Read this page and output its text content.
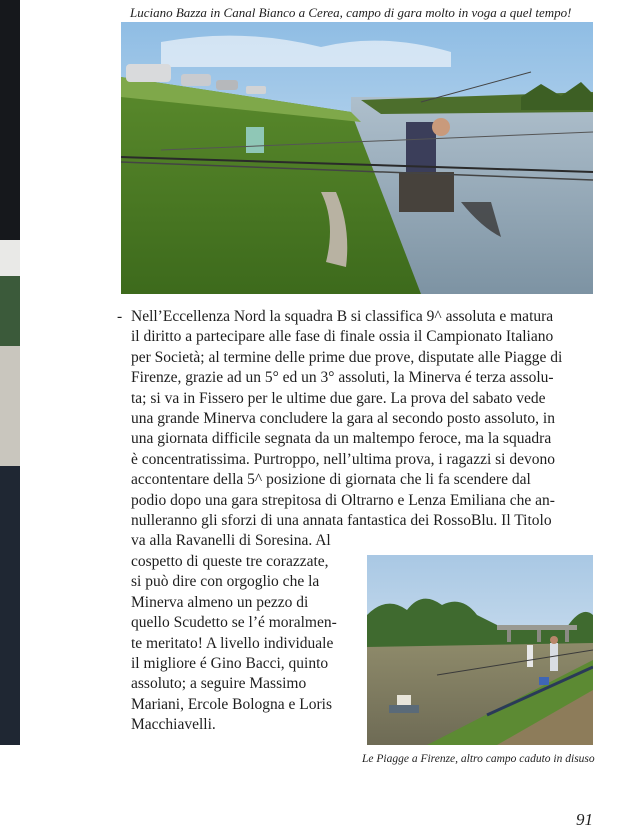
Luciano Bazza in Canal Bianco a Cerea, campo di gara molto in voga a quel tempo!
- Nell’Eccellenza Nord la squadra B si classifica 9^ assoluta e matura
il diritto a partecipare alle fase di finale ossia il Campionato Italiano
per Società; al termine delle prime due prove, disputate alle Piagge di
Firenze, grazie ad un 5° ed un 3° assoluti, la Minerva é terza assolu-
ta; si va in Fissero per le ultime due gare. La prova del sabato vede
una grande Minerva concludere la gara al secondo posto assoluto, in
una giornata difficile segnata da un maltempo feroce, ma la squadra
è concentratissima. Purtroppo, nell’ultima prova, i ragazzi si devono
accontentare della 5^ posizione di giornata che li fa scendere dal
podio dopo una gara strepitosa di Oltrarno e Lenza Emiliana che an-
nulleranno gli sforzi di una annata fantastica dei RossoBlu. Il Titolo
va alla Ravanelli di Soresina. Al
cospetto di queste tre corazzate,
si può dire con orgoglio che la
Minerva almeno un pezzo di
quello Scudetto se l’é moralmen-
te meritato! A livello individuale
il migliore é Gino Bacci, quinto
assoluto; a seguire Massimo
Mariani, Ercole Bologna e Loris
Macchiavelli.
Le Piagge a Firenze, altro campo caduto in disuso
91
